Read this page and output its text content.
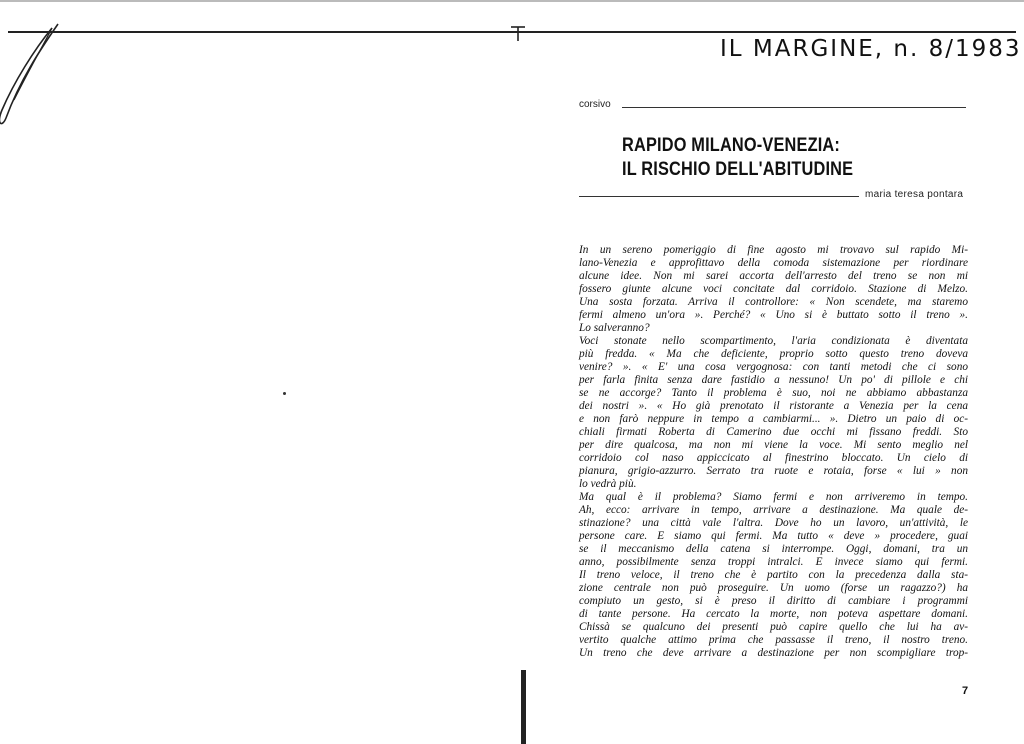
IL MARGINE, n. 8/1983
corsivo
RAPIDO MILANO-VENEZIA:
IL RISCHIO DELL'ABITUDINE
maria teresa pontara
In un sereno pomeriggio di fine agosto mi trovavo sul rapido Mi-
lano-Venezia e approfittavo della comoda sistemazione per riordinare
alcune idee. Non mi sarei accorta dell'arresto del treno se non mi
fossero giunte alcune voci concitate dal corridoio. Stazione di Melzo.
Una sosta forzata. Arriva il controllore: « Non scendete, ma staremo
fermi almeno un'ora ». Perché? « Uno si è buttato sotto il treno ».
Lo salveranno?
Voci stonate nello scompartimento, l'aria condizionata è diventata
più fredda. « Ma che deficiente, proprio sotto questo treno doveva
venire? ». « E' una cosa vergognosa: con tanti metodi che ci sono
per farla finita senza dare fastidio a nessuno! Un po' di pillole e chi
se ne accorge? Tanto il problema è suo, noi ne abbiamo abbastanza
dei nostri ». « Ho già prenotato il ristorante a Venezia per la cena
e non farò neppure in tempo a cambiarmi... ». Dietro un paio di oc-
chiali firmati Roberta di Camerino due occhi mi fissano freddi. Sto
per dire qualcosa, ma non mi viene la voce. Mi sento meglio nel
corridoio col naso appiccicato al finestrino bloccato. Un cielo di
pianura, grigio-azzurro. Serrato tra ruote e rotaia, forse « lui » non
lo vedrà più.
Ma qual è il problema? Siamo fermi e non arriveremo in tempo.
Ah, ecco: arrivare in tempo, arrivare a destinazione. Ma quale de-
stinazione? una città vale l'altra. Dove ho un lavoro, un'attività, le
persone care. E siamo qui fermi. Ma tutto « deve » procedere, guai
se il meccanismo della catena si interrompe. Oggi, domani, tra un
anno, possibilmente senza troppi intralci. E invece siamo qui fermi.
Il treno veloce, il treno che è partito con la precedenza dalla sta-
zione centrale non può proseguire. Un uomo (forse un ragazzo?) ha
compiuto un gesto, si è preso il diritto di cambiare i programmi
di tante persone. Ha cercato la morte, non poteva aspettare domani.
Chissà se qualcuno dei presenti può capire quello che lui ha av-
vertito qualche attimo prima che passasse il treno, il nostro treno.
Un treno che deve arrivare a destinazione per non scompigliare trop-
7
